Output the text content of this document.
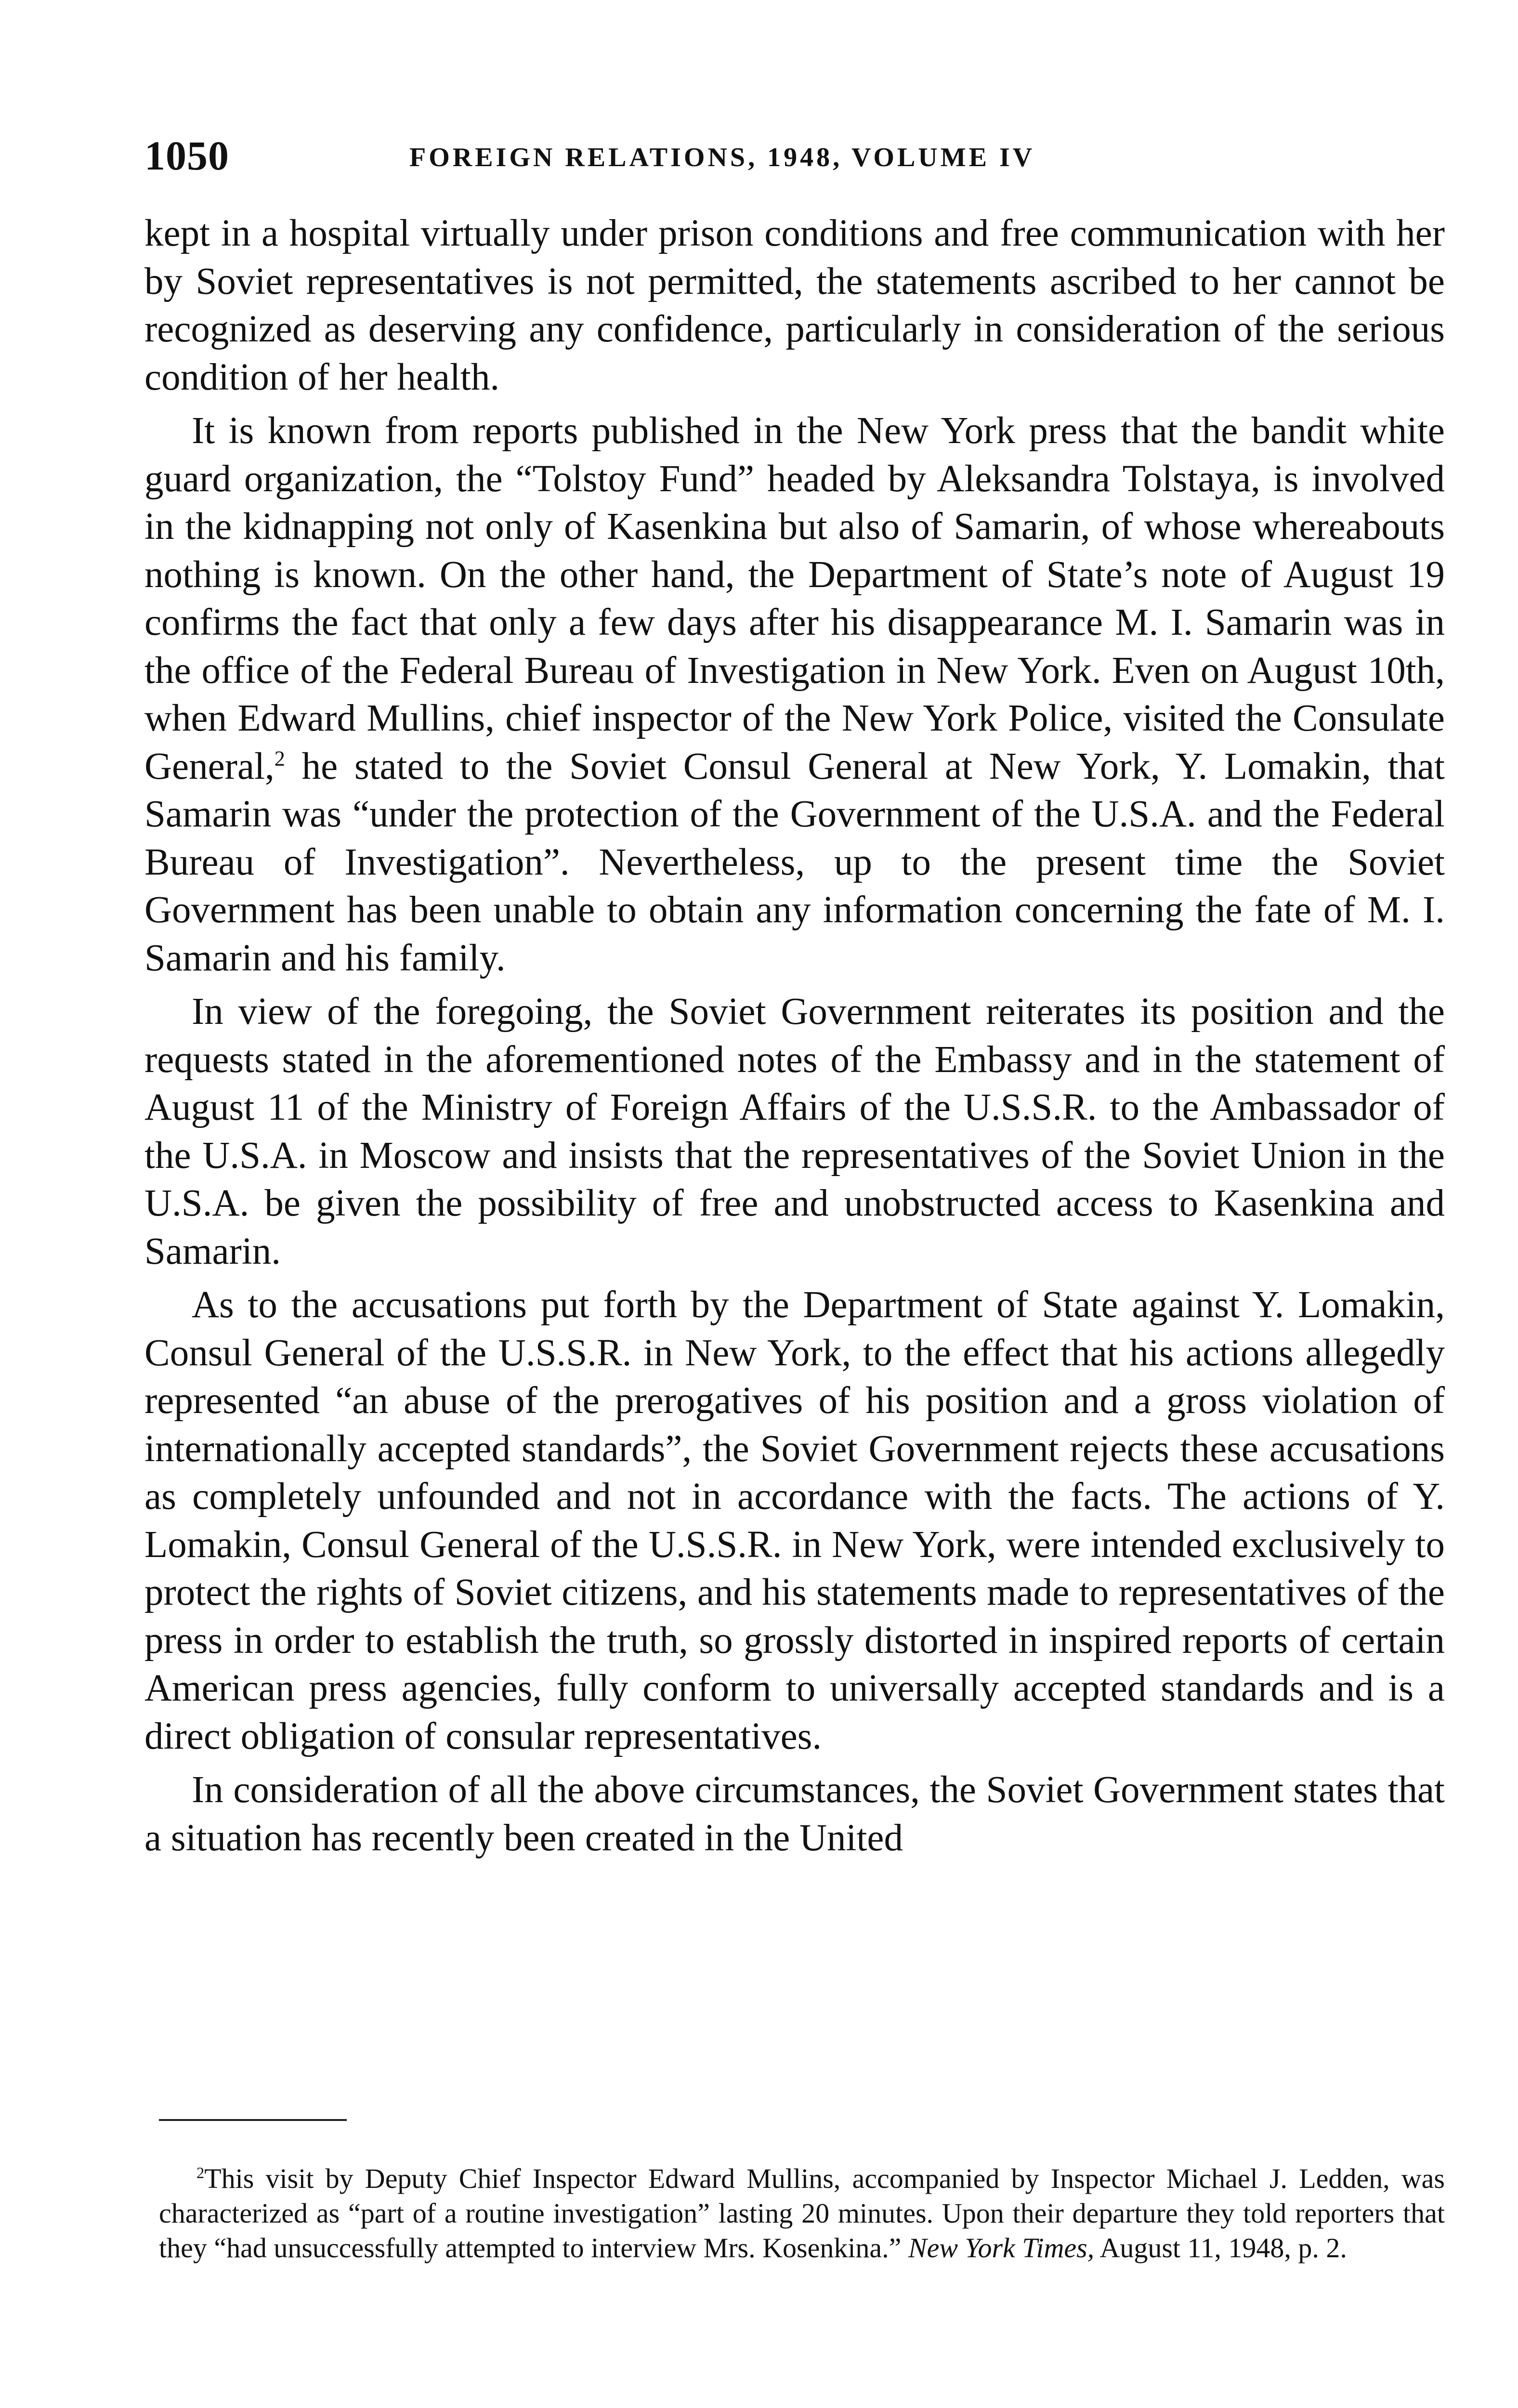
1050	FOREIGN RELATIONS, 1948, VOLUME IV

kept in a hospital virtually under prison conditions and free communication with her by Soviet representatives is not permitted, the statements ascribed to her cannot be recognized as deserving any confidence, particularly in consideration of the serious condition of her health.

It is known from reports published in the New York press that the bandit white guard organization, the “Tolstoy Fund” headed by Aleksandra Tolstaya, is involved in the kidnapping not only of Kasenkina but also of Samarin, of whose whereabouts nothing is known. On the other hand, the Department of State’s note of August 19 confirms the fact that only a few days after his disappearance M. I. Samarin was in the office of the Federal Bureau of Investigation in New York. Even on August 10th, when Edward Mullins, chief inspector of the New York Police, visited the Consulate General,$^2$ he stated to the Soviet Consul General at New York, Y. Lomakin, that Samarin was “under the protection of the Government of the U.S.A. and the Federal Bureau of Investigation”. Nevertheless, up to the present time the Soviet Government has been unable to obtain any information concerning the fate of M. I. Samarin and his family.

In view of the foregoing, the Soviet Government reiterates its position and the requests stated in the aforementioned notes of the Embassy and in the statement of August 11 of the Ministry of Foreign Affairs of the U.S.S.R. to the Ambassador of the U.S.A. in Moscow and insists that the representatives of the Soviet Union in the U.S.A. be given the possibility of free and unobstructed access to Kasenkina and Samarin.

As to the accusations put forth by the Department of State against Y. Lomakin, Consul General of the U.S.S.R. in New York, to the effect that his actions allegedly represented “an abuse of the prerogatives of his position and a gross violation of internationally accepted standards”, the Soviet Government rejects these accusations as completely unfounded and not in accordance with the facts. The actions of Y. Lomakin, Consul General of the U.S.S.R. in New York, were intended exclusively to protect the rights of Soviet citizens, and his statements made to representatives of the press in order to establish the truth, so grossly distorted in inspired reports of certain American press agencies, fully conform to universally accepted standards and is a direct obligation of consular representatives.

In consideration of all the above circumstances, the Soviet Government states that a situation has recently been created in the United

$^2$This visit by Deputy Chief Inspector Edward Mullins, accompanied by Inspector Michael J. Ledden, was characterized as “part of a routine investigation” lasting 20 minutes. Upon their departure they told reporters that they “had unsuccessfully attempted to interview Mrs. Kosenkina.” New York Times, August 11, 1948, p. 2.
